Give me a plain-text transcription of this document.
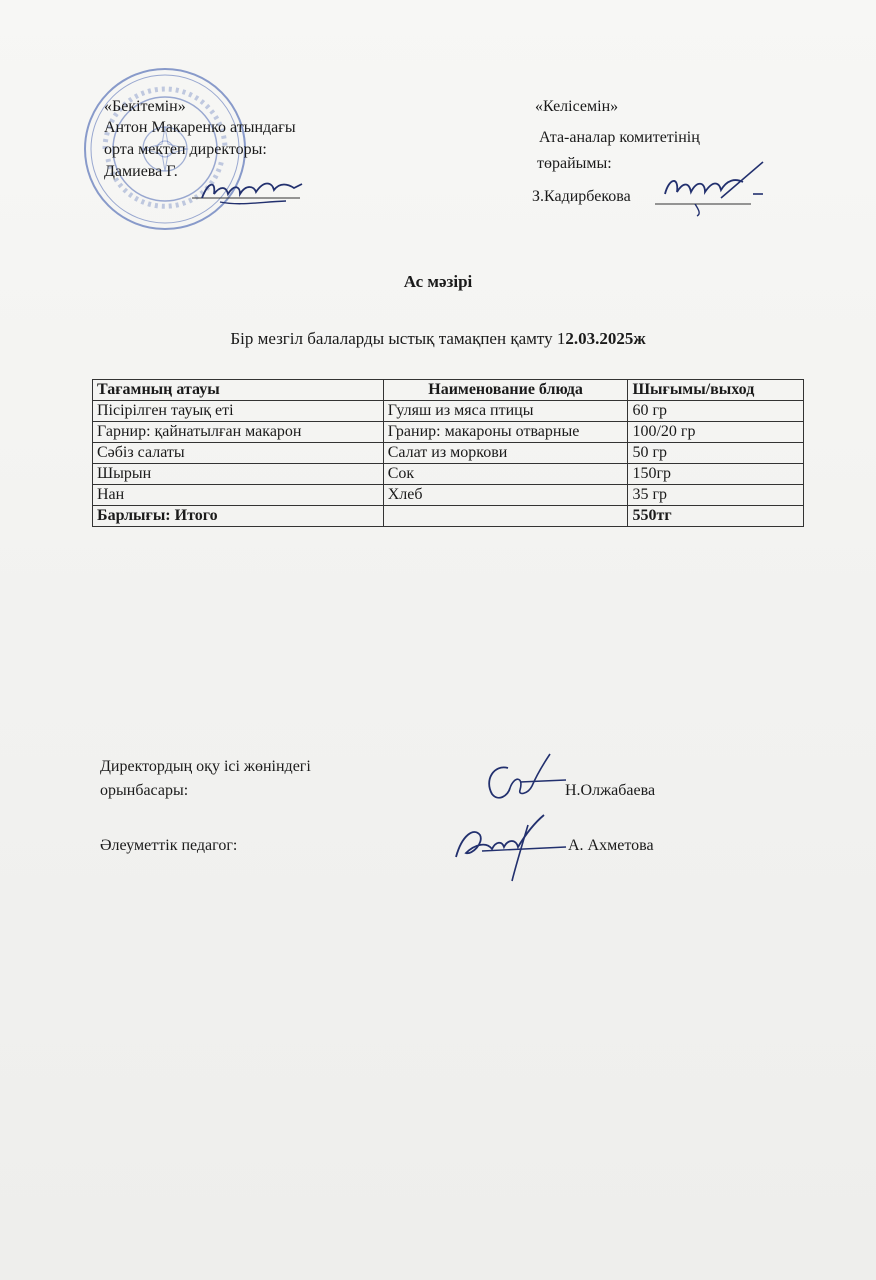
«Бекітемін»
Антон Макаренко атындағы
орта мектеп директоры:
Дамиева Г.
«Келісемін»
Ата-аналар комитетінің
төрайымы:
З.Кадирбекова
Ас мәзірі
Бір мезгіл балаларды ыстық тамақпен қамту 12.03.2025ж
Тағамның атауы	Наименование блюда	Шығымы/выход
Пісірілген тауық еті	Гуляш из мяса птицы	60 гр
Гарнир: қайнатылған макарон	Гранир: макароны отварные	100/20 гр
Сәбіз салаты	Салат из моркови	50 гр
Шырын	Сок	150гр
Нан	Хлеб	35 гр
Барлығы: Итого		550тг
Директордың оқу ісі жөніндегі
орынбасары:	Н.Олжабаева
Әлеуметтік педагог:	А. Ахметова
